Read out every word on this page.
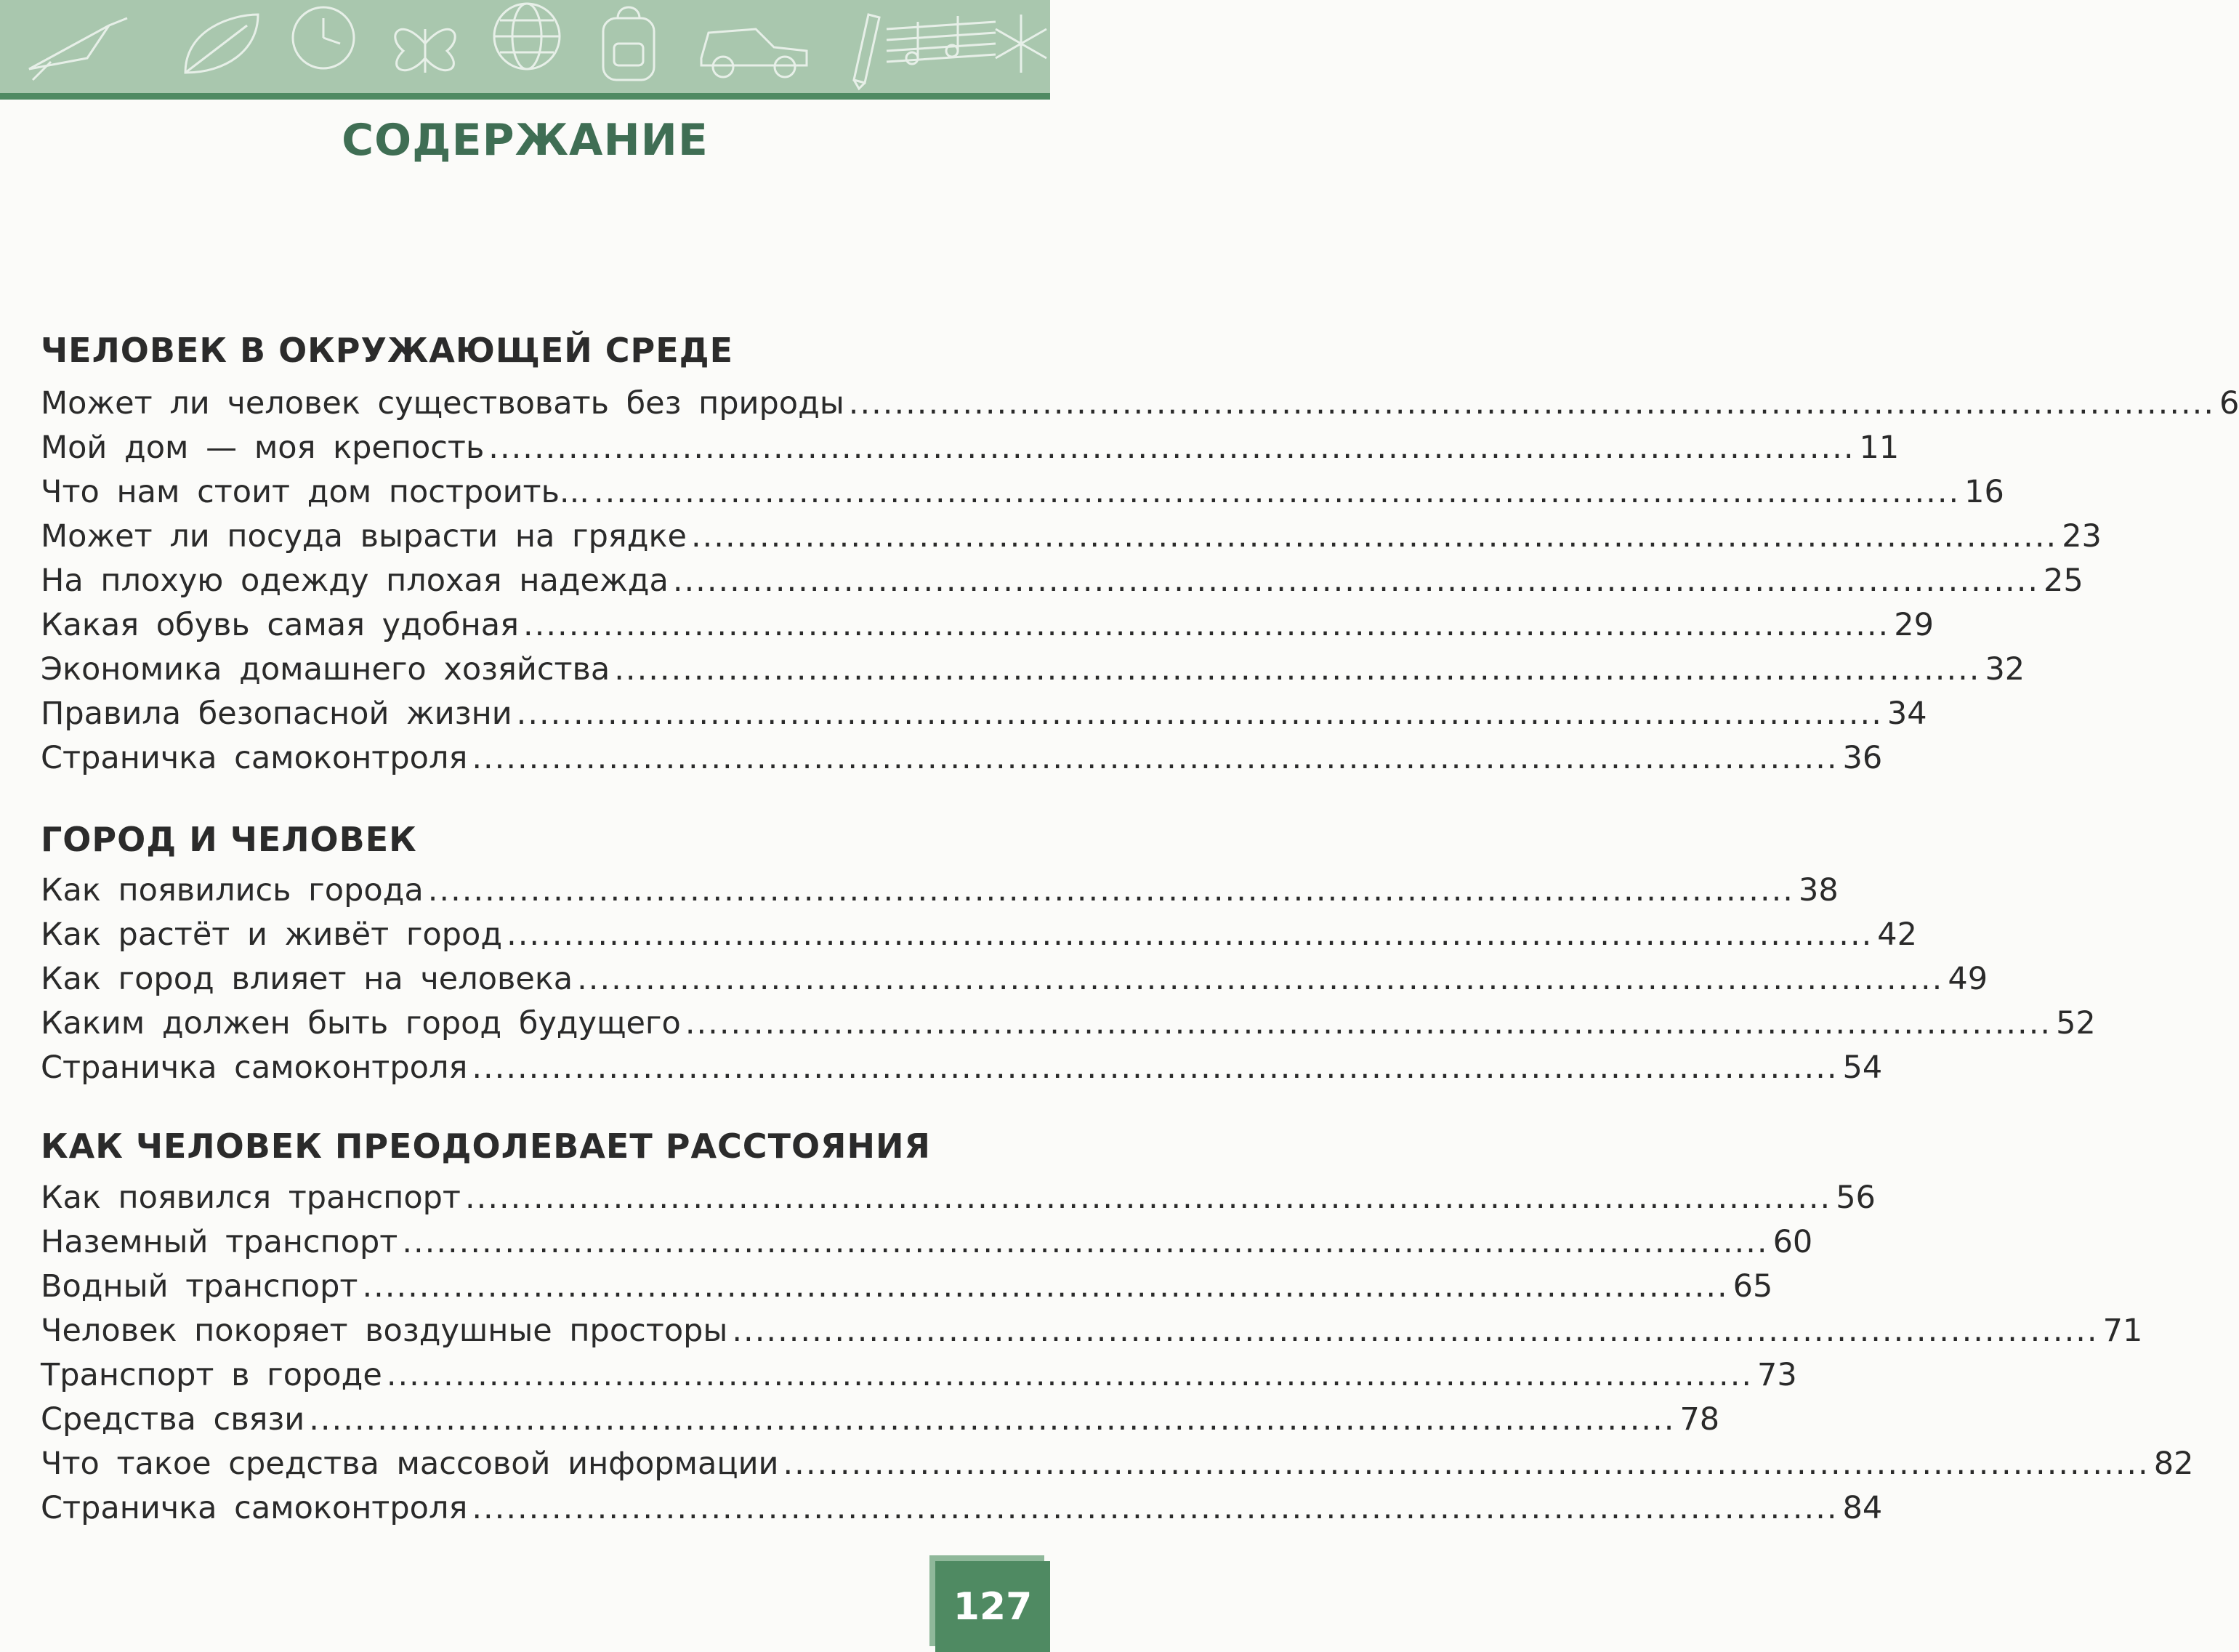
СОДЕРЖАНИЕ
ЧЕЛОВЕК В ОКРУЖАЮЩЕЙ СРЕДЕ
Может ли человек существовать без природы ........................................................................................................................ 6
Мой дом — моя крепость ........................................................................................................................ 11
Что нам стоит дом построить... ........................................................................................................................ 16
Может ли посуда вырасти на грядке ........................................................................................................................ 23
На плохую одежду плохая надежда ........................................................................................................................ 25
Какая обувь самая удобная ........................................................................................................................ 29
Экономика домашнего хозяйства ........................................................................................................................ 32
Правила безопасной жизни ........................................................................................................................ 34
Страничка самоконтроля ........................................................................................................................ 36
ГОРОД И ЧЕЛОВЕК
Как появились города ........................................................................................................................ 38
Как растёт и живёт город ........................................................................................................................ 42
Как город влияет на человека ........................................................................................................................ 49
Каким должен быть город будущего ........................................................................................................................ 52
Страничка самоконтроля ........................................................................................................................ 54
КАК ЧЕЛОВЕК ПРЕОДОЛЕВАЕТ РАССТОЯНИЯ
Как появился транспорт ........................................................................................................................ 56
Наземный транспорт ........................................................................................................................ 60
Водный транспорт ........................................................................................................................ 65
Человек покоряет воздушные просторы ........................................................................................................................ 71
Транспорт в городе ........................................................................................................................ 73
Средства связи ........................................................................................................................ 78
Что такое средства массовой информации ........................................................................................................................ 82
Страничка самоконтроля ........................................................................................................................ 84
127
